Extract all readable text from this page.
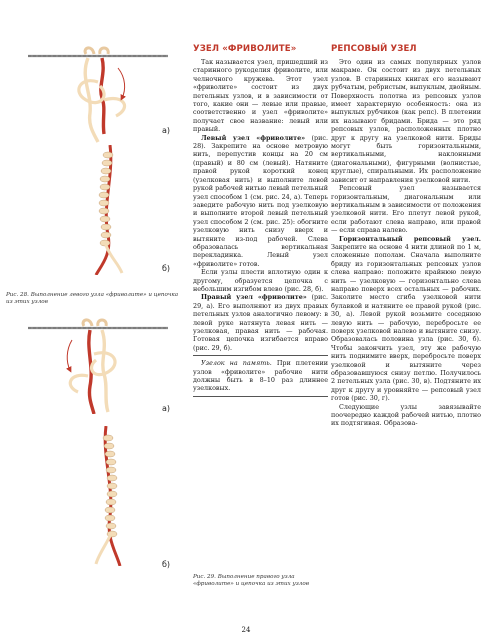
а)
б)
Рис. 28. Выполнение левого узла «фриволите» и цепочка из этих узлов
а)
б)
Рис. 29. Выполнение правого узла «фриволите» и цепочка из этих узлов
УЗЕЛ «ФРИВОЛИТЕ»

Так называется узел, пришедший из старинного рукоделия фриволите, или челночного кружева. Этот узел «фриволите» состоит из двух петельных узлов, и в зависимости от того, какие они — левые или правые, соответственно и узел «фриволите» получает свое название: левый или правый.

Левый узел «фриволите» (рис. 28). Закрепите на основе метровую нить, перепустив концы на 20 см (правый) и 80 см (левый). Натяните правой рукой короткий конец (узелковая нить) и выполните левой рукой рабочей нитью левый петельный узел способом 1 (см. рис. 24, а). Теперь заведите рабочую нить под узелковую и выполните второй левый петельный узел способом 2 (см. рис. 25): обогните узелковую нить снизу вверх и вытяните из-под рабочей. Слева образовалась вертикальная перекладинка. Левый узел «фриволите» готов.

Если узлы плести вплотную один к другому, образуется цепочка с небольшим изгибом влево (рис. 28, б).

Правый узел «фриволите» (рис. 29, а). Его выполняют из двух правых петельных узлов аналогично левому: в левой руке натянута левая нить — узелковая, правая нить — рабочая. Готовая цепочка изгибается вправо (рис. 29, б).

Узелок на память. При плетении узлов «фриволите» рабочие нити должны быть в 8–10 раз длиннее узелковых.

РЕПСОВЫЙ УЗЕЛ

Это один из самых популярных узлов макраме. Он состоит из двух петельных узлов. В старинных книгах его называют рубчатым, ребристым, выпуклым, двойным. Поверхность полотна из репсовых узлов имеет характерную особенность: она из выпуклых рубчиков (как репс). В плетении их называют бридами. Брида — это ряд репсовых узлов, расположенных плотно друг к другу на узелковой нити. Бриды могут быть горизонтальными, вертикальными, наклонными (диагональными), фигурными (волнистые, круглые), спиральными. Их расположение зависит от направления узелковой нити.

Репсовый узел называется горизонтальным, диагональным или вертикальным в зависимости от положения узелковой нити. Его плетут левой рукой, если работают слева направо, или правой — если справа налево.

Горизонтальный репсовый узел. Закрепите на основе 4 нити длиной по 1 м, сложенные пополам. Сначала выполните бриду из горизонтальных репсовых узлов слева направо: положите крайнюю левую нить — узелковую — горизонтально слева направо поверх всех остальных — рабочих. Заколите место сгиба узелковой нити булавкой и натяните ее правой рукой (рис. 30, а). Левой рукой возьмите соседнюю левую нить — рабочую, перебросьте ее поверх узелковой налево и вытяните снизу. Образовалась половина узла (рис. 30, б). Чтобы закончить узел, эту же рабочую нить поднимите вверх, перебросьте поверх узелковой и вытяните через образовавшуюся снизу петлю. Получилось 2 петельных узла (рис. 30, в). Подтяните их друг к другу и уровняйте — репсовый узел готов (рис. 30, г).

Следующие узлы завязывайте поочередно каждой рабочей нитью, плотно их подтягивая. Образова-

24
